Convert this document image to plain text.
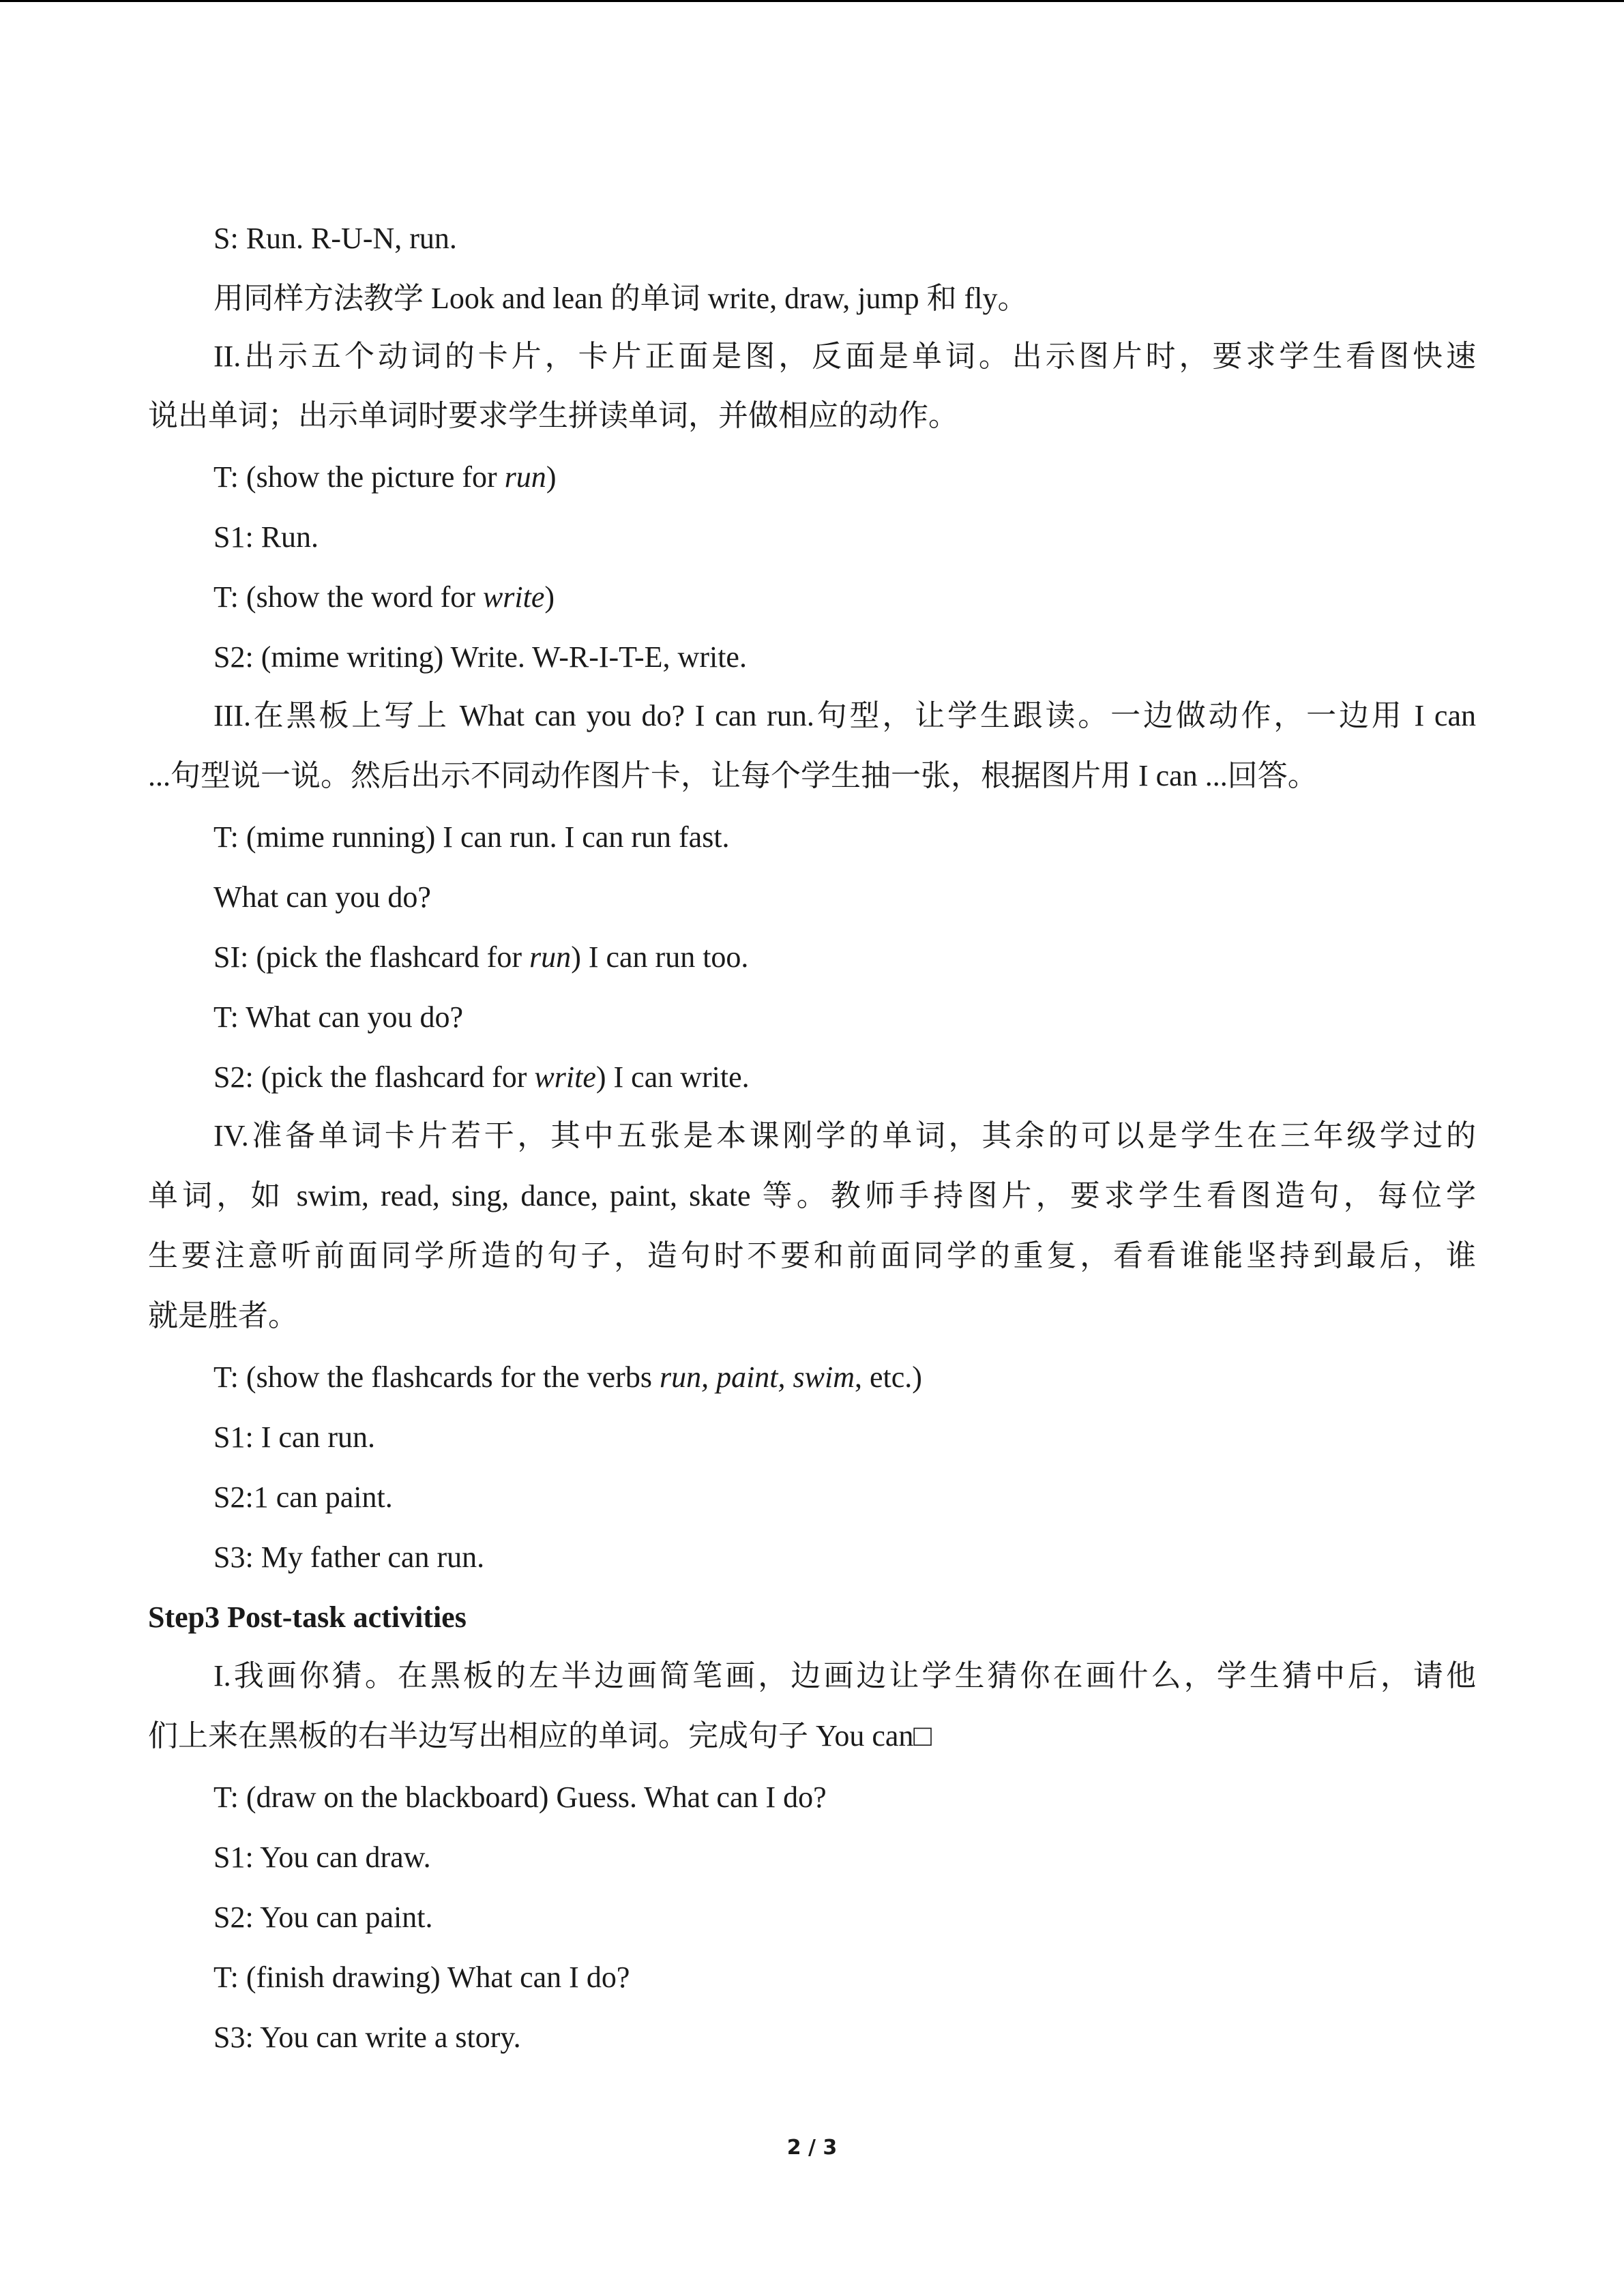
S: Run. R-U-N, run.
用同样方法教学 Look and lean 的单词 write, draw, jump 和 fly。
II.出示五个动词的卡片，卡片正面是图，反面是单词。出示图片时，要求学生看图快速
说出单词；出示单词时要求学生拼读单词，并做相应的动作。
T: (show the picture for run)
S1: Run.
T: (show the word for write)
S2: (mime writing) Write. W-R-I-T-E, write.
III.在黑板上写上 What can you do? I can run.句型，让学生跟读。一边做动作，一边用 I can
...句型说一说。然后出示不同动作图片卡，让每个学生抽一张，根据图片用 I can ...回答。
T: (mime running) I can run. I can run fast.
What can you do?
SI: (pick the flashcard for run) I can run too.
T: What can you do?
S2: (pick the flashcard for write) I can write.
IV.准备单词卡片若干，其中五张是本课刚学的单词，其余的可以是学生在三年级学过的
单词，如 swim, read, sing, dance, paint, skate 等。教师手持图片，要求学生看图造句，每位学
生要注意听前面同学所造的句子，造句时不要和前面同学的重复，看看谁能坚持到最后，谁
就是胜者。
T: (show the flashcards for the verbs run, paint, swim, etc.)
S1: I can run.
S2:1 can paint.
S3: My father can run.
Step3 Post-task activities
I.我画你猜。在黑板的左半边画简笔画，边画边让学生猜你在画什么，学生猜中后，请他
们上来在黑板的右半边写出相应的单词。完成句子 You can□
T: (draw on the blackboard) Guess. What can I do?
S1: You can draw.
S2: You can paint.
T: (finish drawing) What can I do?
S3: You can write a story.
2 / 3
